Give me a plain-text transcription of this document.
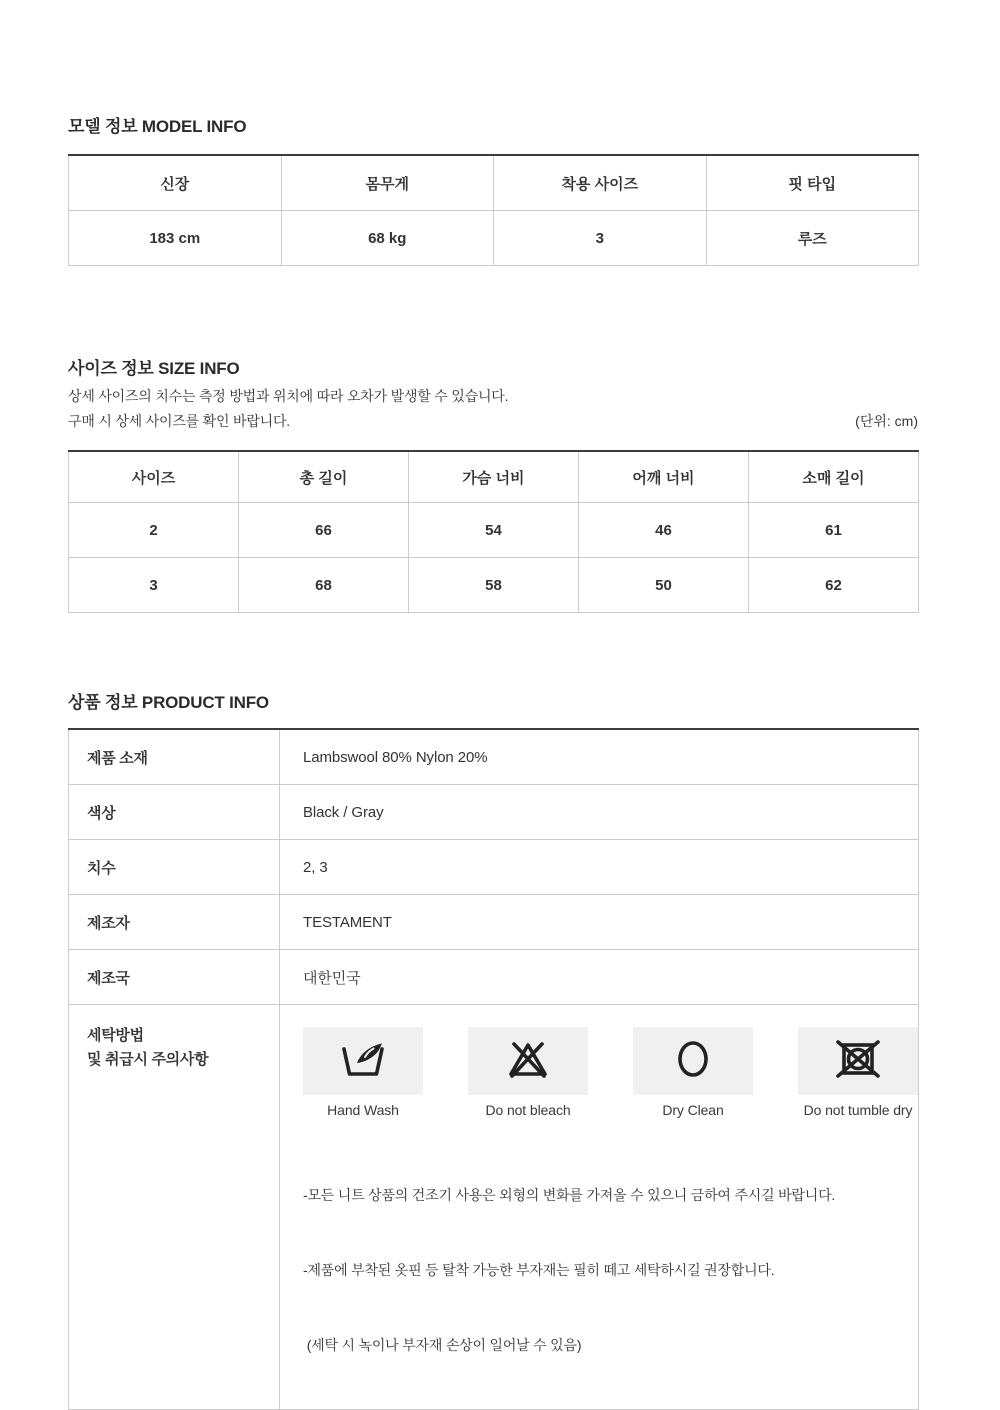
모델 정보 MODEL INFO
신장	몸무게	착용 사이즈	핏 타입
183 cm	68 kg	3	루즈
사이즈 정보 SIZE INFO
상세 사이즈의 치수는 측정 방법과 위치에 따라 오차가 발생할 수 있습니다.
구매 시 상세 사이즈를 확인 바랍니다.	(단위: cm)
사이즈	총 길이	가슴 너비	어깨 너비	소매 길이
2	66	54	46	61
3	68	58	50	62
상품 정보 PRODUCT INFO
제품 소재	Lambswool 80% Nylon 20%
색상	Black / Gray
치수	2, 3
제조자	TESTAMENT
제조국	대한민국

세탁방법
및 취급시 주의사항

Hand Wash	Do not bleach	Dry Clean	Do not tumble dry

-모든 니트 상품의 건조기 사용은 외형의 변화를 가져올 수 있으니 금하여 주시길 바랍니다.

-제품에 부착된 옷핀 등 탈착 가능한 부자재는 필히 떼고 세탁하시길 권장합니다.

(세탁 시 녹이나 부자재 손상이 일어날 수 있음)
